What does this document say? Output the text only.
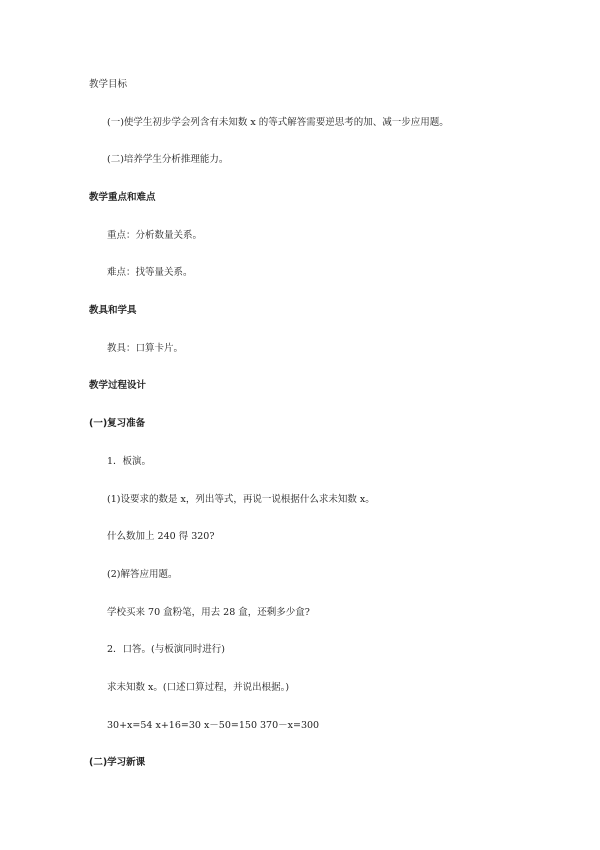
教学目标
(一)使学生初步学会列含有未知数 x 的等式解答需要逆思考的加、减一步应用题。
(二)培养学生分析推理能力。
教学重点和难点
重点：分析数量关系。
难点：找等量关系。
教具和学具
教具：口算卡片。
教学过程设计
(一)复习准备
1．板演。
(1)设要求的数是 x，列出等式，再说一说根据什么求未知数 x。
什么数加上 240 得 320?
(2)解答应用题。
学校买来 70 盒粉笔，用去 28 盒，还剩多少盒?
2．口答。(与板演同时进行)
求未知数 x。(口述口算过程，并说出根据。)
30+x=54 x+16=30 x－50=150 370－x=300
(二)学习新课
